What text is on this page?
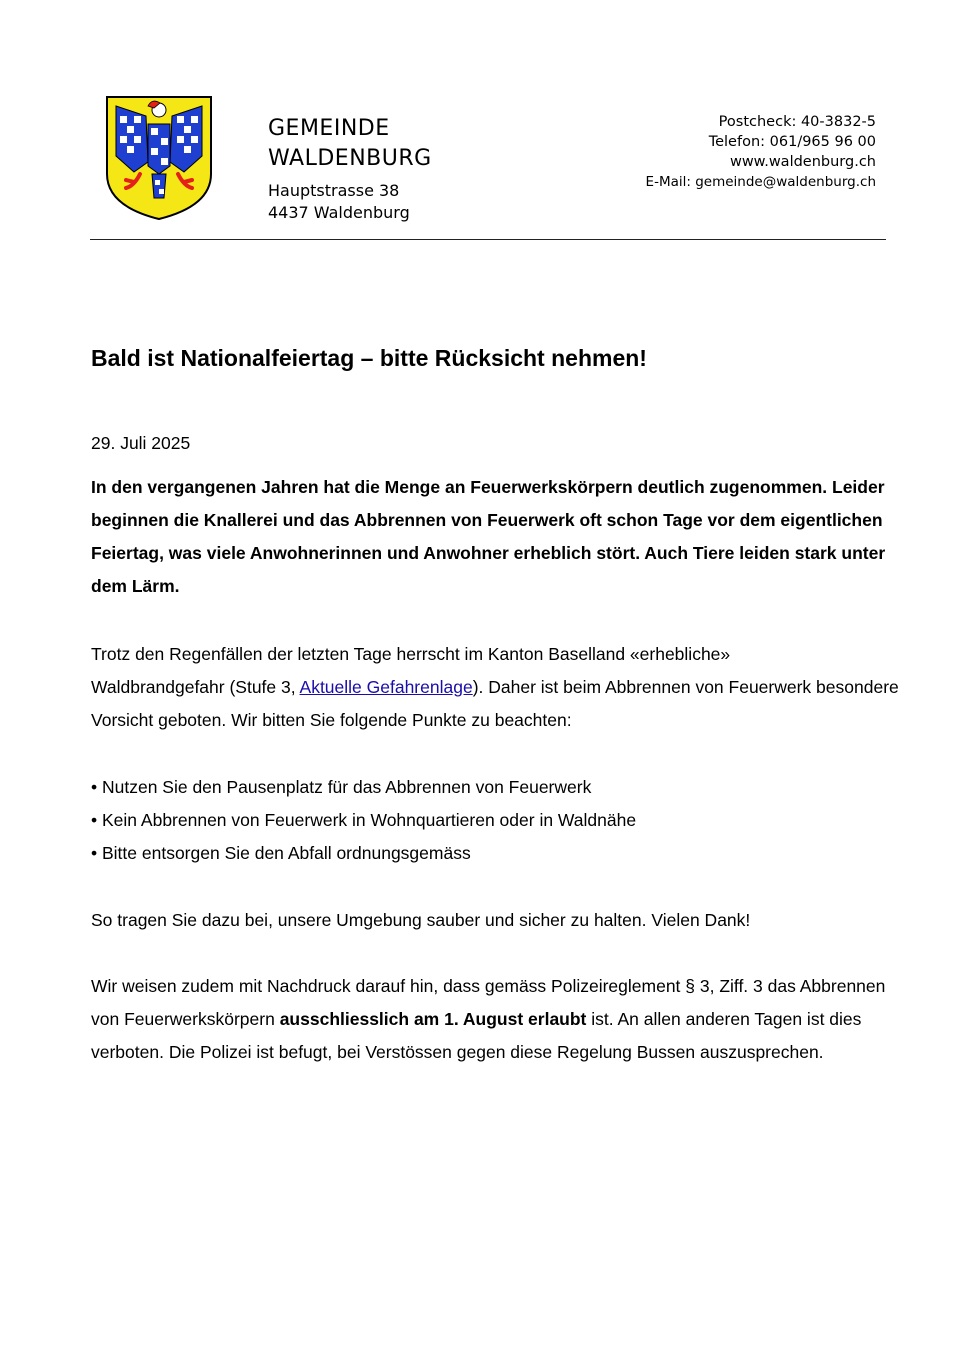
GEMEINDE
WALDENBURG
Hauptstrasse 38
4437 Waldenburg
Postcheck: 40-3832-5
Telefon: 061/965 96 00
www.waldenburg.ch
E-Mail: gemeinde@waldenburg.ch
Bald ist Nationalfeiertag – bitte Rücksicht nehmen!

29. Juli 2025

In den vergangenen Jahren hat die Menge an Feuerwerkskörpern deutlich zugenommen. Leider beginnen die Knallerei und das Abbrennen von Feuerwerk oft schon Tage vor dem eigentlichen Feiertag, was viele Anwohnerinnen und Anwohner erheblich stört. Auch Tiere leiden stark unter dem Lärm.

Trotz den Regenfällen der letzten Tage herrscht im Kanton Baselland «erhebliche»
Waldbrandgefahr (Stufe 3, Aktuelle Gefahrenlage). Daher ist beim Abbrennen von Feuerwerk besondere Vorsicht geboten. Wir bitten Sie folgende Punkte zu beachten:

• Nutzen Sie den Pausenplatz für das Abbrennen von Feuerwerk
• Kein Abbrennen von Feuerwerk in Wohnquartieren oder in Waldnähe
• Bitte entsorgen Sie den Abfall ordnungsgemäss

So tragen Sie dazu bei, unsere Umgebung sauber und sicher zu halten. Vielen Dank!

Wir weisen zudem mit Nachdruck darauf hin, dass gemäss Polizeireglement § 3, Ziff. 3 das Abbrennen von Feuerwerkskörpern ausschliesslich am 1. August erlaubt ist. An allen anderen Tagen ist dies verboten. Die Polizei ist befugt, bei Verstössen gegen diese Regelung Bussen auszusprechen.
